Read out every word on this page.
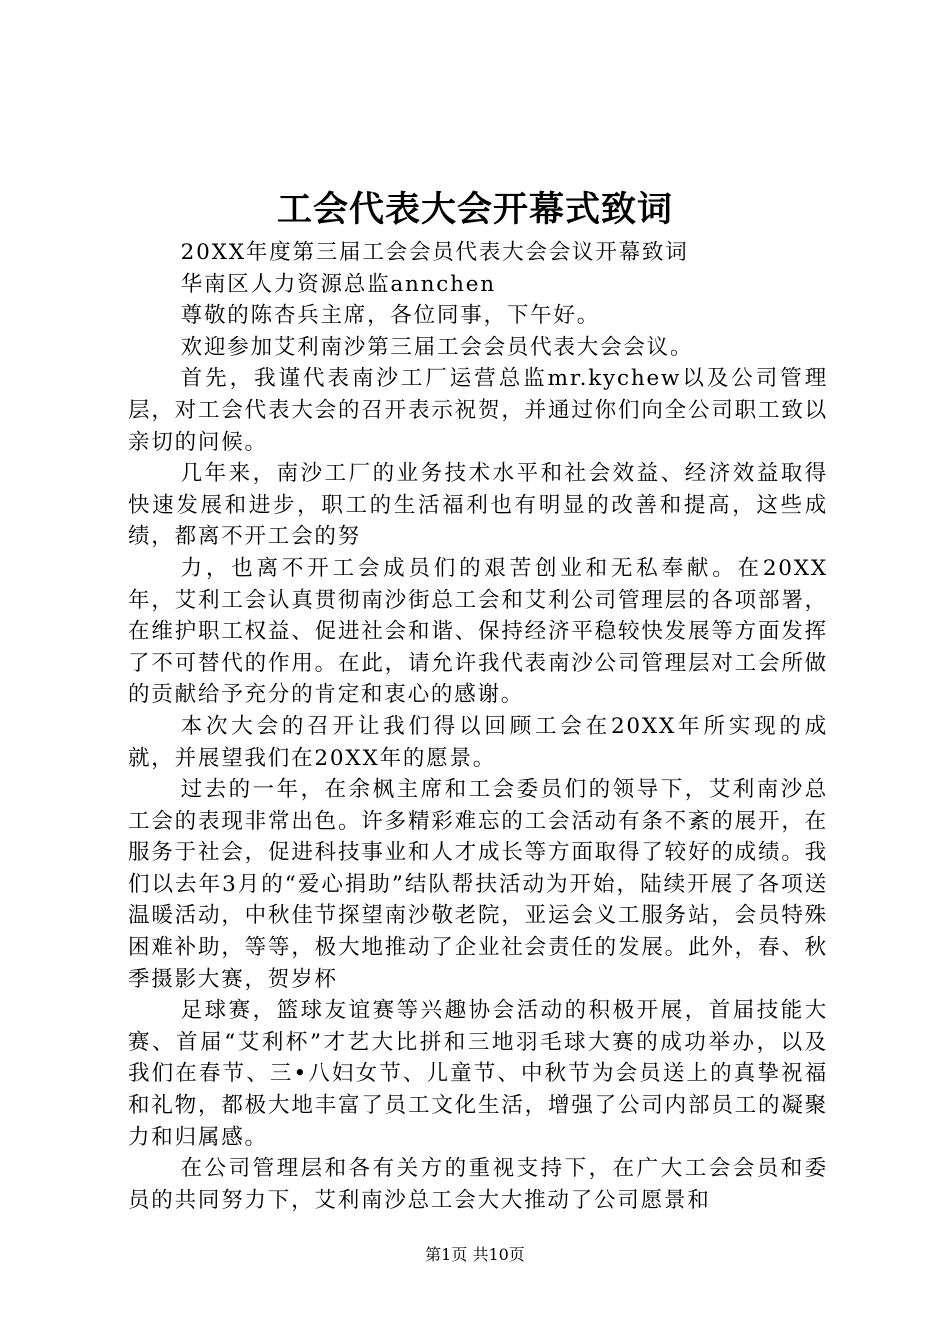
工会代表大会开幕式致词

20XX年度第三届工会会员代表大会会议开幕致词

华南区人力资源总监annchen

尊敬的陈杏兵主席，各位同事，下午好。

欢迎参加艾利南沙第三届工会会员代表大会会议。

首先，我谨代表南沙工厂运营总监mr.kychew以及公司管理层，对工会代表大会的召开表示祝贺，并通过你们向全公司职工致以亲切的问候。

几年来，南沙工厂的业务技术水平和社会效益、经济效益取得快速发展和进步，职工的生活福利也有明显的改善和提高，这些成绩，都离不开工会的努

力，也离不开工会成员们的艰苦创业和无私奉献。在20XX年，艾利工会认真贯彻南沙街总工会和艾利公司管理层的各项部署，在维护职工权益、促进社会和谐、保持经济平稳较快发展等方面发挥了不可替代的作用。在此，请允许我代表南沙公司管理层对工会所做的贡献给予充分的肯定和衷心的感谢。

本次大会的召开让我们得以回顾工会在20XX年所实现的成就，并展望我们在20XX年的愿景。

过去的一年，在余枫主席和工会委员们的领导下，艾利南沙总工会的表现非常出色。许多精彩难忘的工会活动有条不紊的展开，在服务于社会，促进科技事业和人才成长等方面取得了较好的成绩。我们以去年3月的“爱心捐助”结队帮扶活动为开始，陆续开展了各项送温暖活动，中秋佳节探望南沙敬老院，亚运会义工服务站，会员特殊困难补助，等等，极大地推动了企业社会责任的发展。此外，春、秋季摄影大赛，贺岁杯

足球赛，篮球友谊赛等兴趣协会活动的积极开展，首届技能大赛、首届“艾利杯”才艺大比拼和三地羽毛球大赛的成功举办，以及我们在春节、三•八妇女节、儿童节、中秋节为会员送上的真挚祝福和礼物，都极大地丰富了员工文化生活，增强了公司内部员工的凝聚力和归属感。

在公司管理层和各有关方的重视支持下，在广大工会会员和委员的共同努力下，艾利南沙总工会大大推动了公司愿景和

第1页 共10页
